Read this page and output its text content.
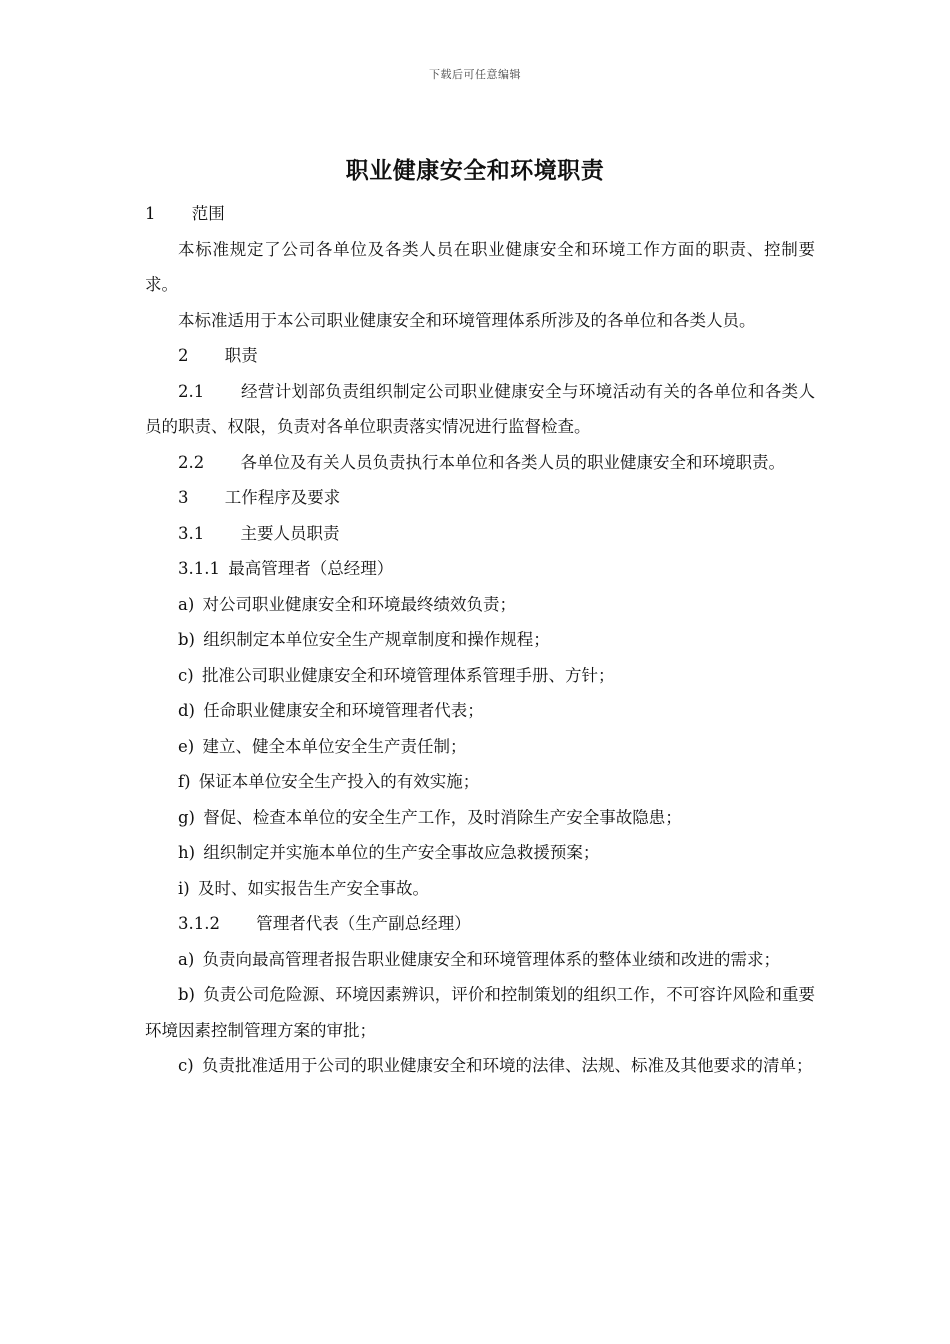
下载后可任意编辑
职业健康安全和环境职责

1 范围

本标准规定了公司各单位及各类人员在职业健康安全和环境工作方面的职责、控制要求。

本标准适用于本公司职业健康安全和环境管理体系所涉及的各单位和各类人员。

2 职责

2.1 经营计划部负责组织制定公司职业健康安全与环境活动有关的各单位和各类人员的职责、权限，负责对各单位职责落实情况进行监督检查。

2.2 各单位及有关人员负责执行本单位和各类人员的职业健康安全和环境职责。

3 工作程序及要求

3.1 主要人员职责

3.1.1 最高管理者（总经理）

a) 对公司职业健康安全和环境最终绩效负责；

b) 组织制定本单位安全生产规章制度和操作规程；

c) 批准公司职业健康安全和环境管理体系管理手册、方针；

d) 任命职业健康安全和环境管理者代表；

e) 建立、健全本单位安全生产责任制；

f) 保证本单位安全生产投入的有效实施；

g) 督促、检查本单位的安全生产工作，及时消除生产安全事故隐患；

h) 组织制定并实施本单位的生产安全事故应急救援预案；

i) 及时、如实报告生产安全事故。

3.1.2 管理者代表（生产副总经理）

a) 负责向最高管理者报告职业健康安全和环境管理体系的整体业绩和改进的需求；

b) 负责公司危险源、环境因素辨识，评价和控制策划的组织工作，不可容许风险和重要环境因素控制管理方案的审批；

c) 负责批准适用于公司的职业健康安全和环境的法律、法规、标准及其他要求的清单；
